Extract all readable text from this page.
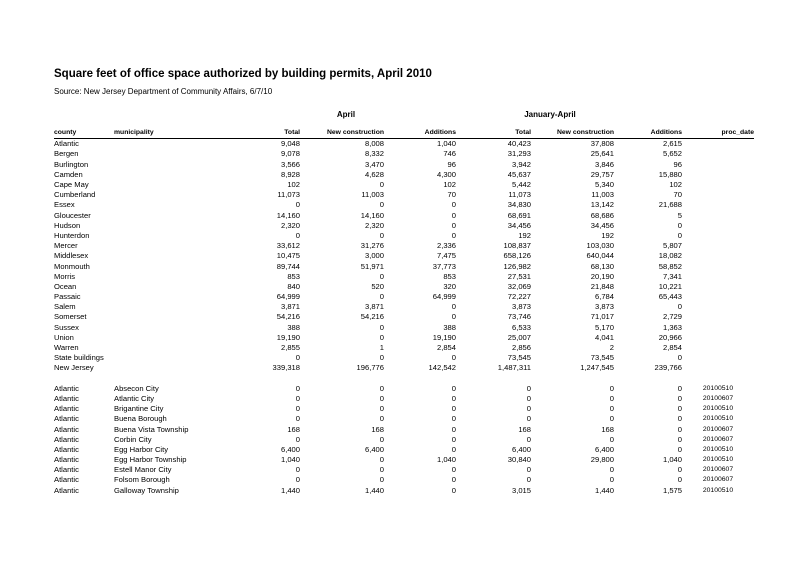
Square feet of office space authorized by building permits, April 2010
Source: New Jersey Department of Community Affairs, 6/7/10
April	January-April
county	municipality	Total	New construction	Additions	Total	New construction	Additions	proc_date
Atlantic		9,048	8,008	1,040	40,423	37,808	2,615	
Bergen		9,078	8,332	746	31,293	25,641	5,652	
Burlington		3,566	3,470	96	3,942	3,846	96	
Camden		8,928	4,628	4,300	45,637	29,757	15,880	
Cape May		102	0	102	5,442	5,340	102	
Cumberland		11,073	11,003	70	11,073	11,003	70	
Essex		0	0	0	34,830	13,142	21,688	
Gloucester		14,160	14,160	0	68,691	68,686	5	
Hudson		2,320	2,320	0	34,456	34,456	0	
Hunterdon		0	0	0	192	192	0	
Mercer		33,612	31,276	2,336	108,837	103,030	5,807	
Middlesex		10,475	3,000	7,475	658,126	640,044	18,082	
Monmouth		89,744	51,971	37,773	126,982	68,130	58,852	
Morris		853	0	853	27,531	20,190	7,341	
Ocean		840	520	320	32,069	21,848	10,221	
Passaic		64,999	0	64,999	72,227	6,784	65,443	
Salem		3,871	3,871	0	3,873	3,873	0	
Somerset		54,216	54,216	0	73,746	71,017	2,729	
Sussex		388	0	388	6,533	5,170	1,363	
Union		19,190	0	19,190	25,007	4,041	20,966	
Warren		2,855	1	2,854	2,856	2	2,854	
State buildings		0	0	0	73,545	73,545	0	
New Jersey		339,318	196,776	142,542	1,487,311	1,247,545	239,766	

Atlantic	Absecon City	0	0	0	0	0	0	20100510
Atlantic	Atlantic City	0	0	0	0	0	0	20100607
Atlantic	Brigantine City	0	0	0	0	0	0	20100510
Atlantic	Buena Borough	0	0	0	0	0	0	20100510
Atlantic	Buena Vista Township	168	168	0	168	168	0	20100607
Atlantic	Corbin City	0	0	0	0	0	0	20100607
Atlantic	Egg Harbor City	6,400	6,400	0	6,400	6,400	0	20100510
Atlantic	Egg Harbor Township	1,040	0	1,040	30,840	29,800	1,040	20100510
Atlantic	Estell Manor City	0	0	0	0	0	0	20100607
Atlantic	Folsom Borough	0	0	0	0	0	0	20100607
Atlantic	Galloway Township	1,440	1,440	0	3,015	1,440	1,575	20100510
